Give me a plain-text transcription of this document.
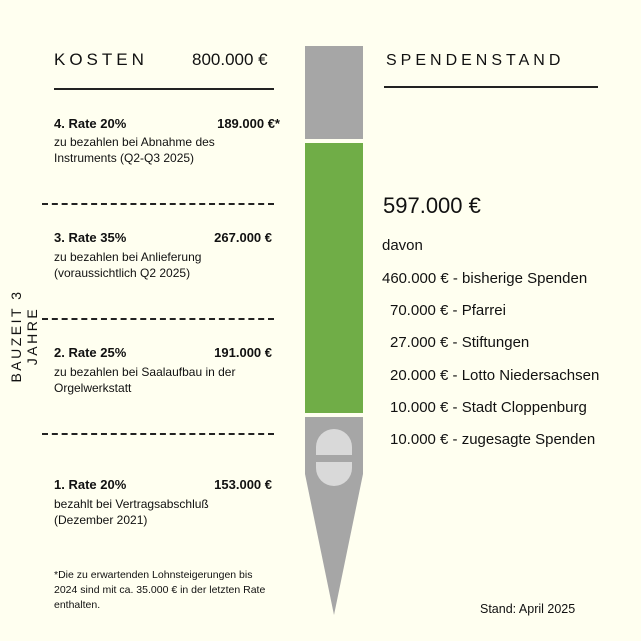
KOSTEN	800.000 €
BAUZEIT 3 JAHRE
4. Rate 20%	189.000 €*
zu bezahlen bei Abnahme des Instruments (Q2-Q3 2025)
3. Rate 35%	267.000 €
zu bezahlen bei Anlieferung (voraussichtlich Q2 2025)
2. Rate 25%	191.000 €
zu bezahlen bei Saalaufbau in der Orgelwerkstatt
1. Rate 20%	153.000 €
bezahlt bei Vertragsabschluß (Dezember 2021)
*Die zu erwartenden Lohnsteigerungen bis 2024 sind mit ca. 35.000 € in der letzten Rate enthalten.
SPENDENSTAND
597.000 €
davon
460.000 € - bisherige Spenden
70.000 € - Pfarrei
27.000 € - Stiftungen
20.000 € - Lotto Niedersachsen
10.000 € - Stadt Cloppenburg
10.000 € - zugesagte Spenden
Stand: April 2025
